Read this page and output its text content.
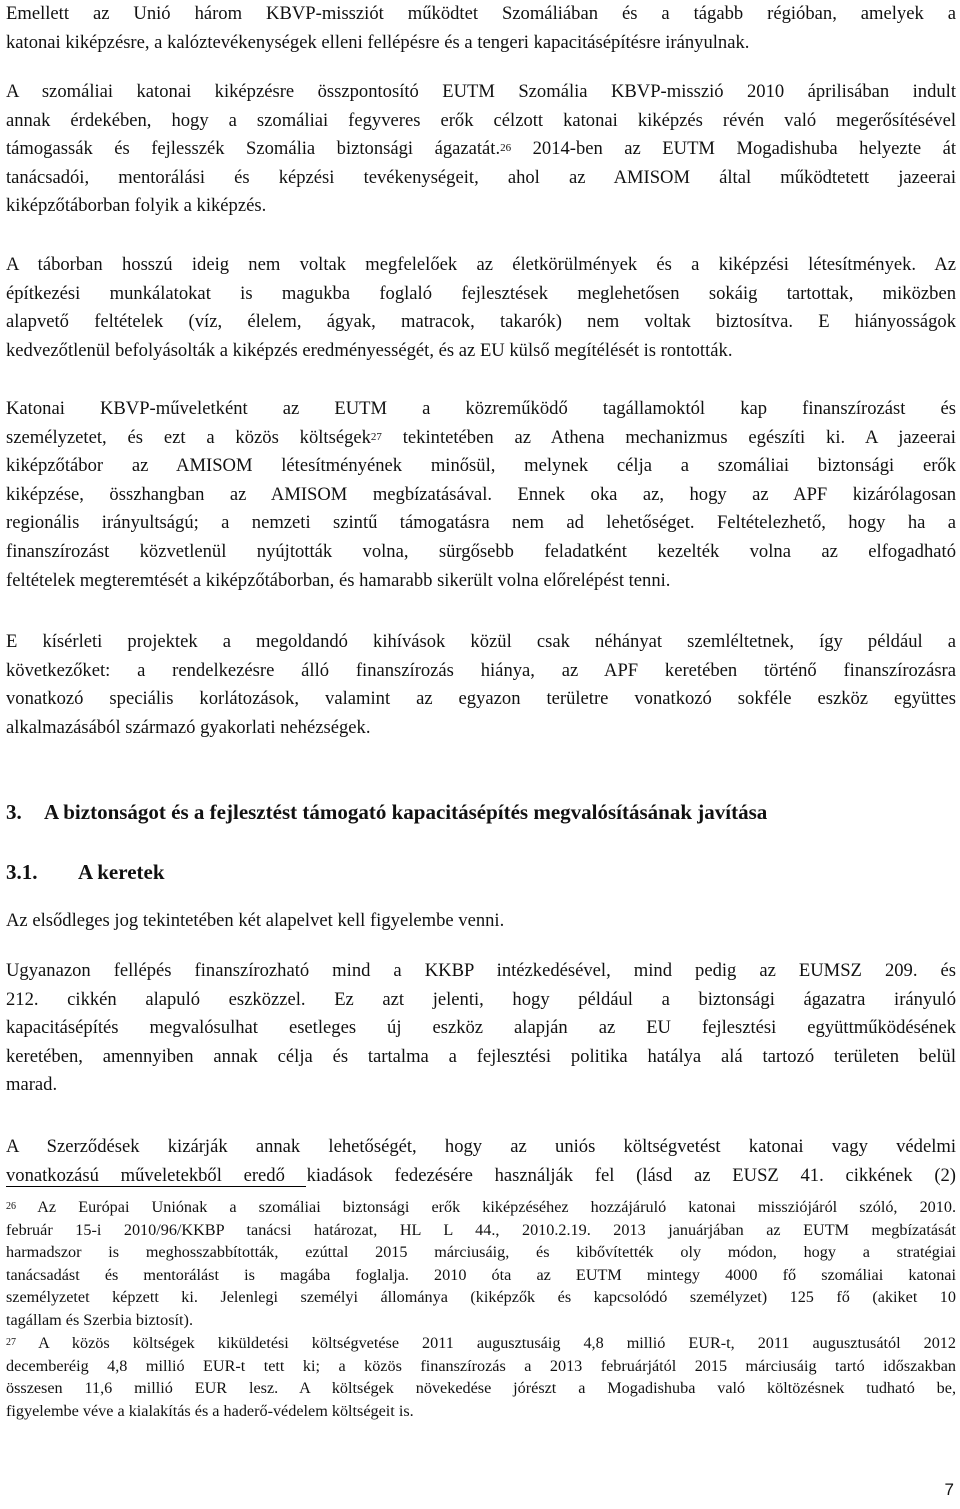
Emellett az Unió három KBVP-missziót működtet Szomáliában és a tágabb régióban, amelyek a
katonai kiképzésre, a kalóztevékenységek elleni fellépésre és a tengeri kapacitásépítésre irányulnak.
A szomáliai katonai kiképzésre összpontosító EUTM Szomália KBVP-misszió 2010 áprilisában indult
annak érdekében, hogy a szomáliai fegyveres erők célzott katonai kiképzés révén való megerősítésével
támogassák és fejlesszék Szomália biztonsági ágazatát.$^{26}$ 2014-ben az EUTM Mogadishuba helyezte át
tanácsadói, mentorálási és képzési tevékenységeit, ahol az AMISOM által működtetett jazeerai
kiképzőtáborban folyik a kiképzés.
A táborban hosszú ideig nem voltak megfelelőek az életkörülmények és a kiképzési létesítmények. Az
építkezési munkálatokat is magukba foglaló fejlesztések meglehetősen sokáig tartottak, miközben
alapvető feltételek (víz, élelem, ágyak, matracok, takarók) nem voltak biztosítva. E hiányosságok
kedvezőtlenül befolyásolták a kiképzés eredményességét, és az EU külső megítélését is rontották.
Katonai KBVP-műveletként az EUTM a közreműködő tagállamoktól kap finanszírozást és
személyzetet, és ezt a közös költségek$^{27}$ tekintetében az Athena mechanizmus egészíti ki. A jazeerai
kiképzőtábor az AMISOM létesítményének minősül, melynek célja a szomáliai biztonsági erők
kiképzése, összhangban az AMISOM megbízatásával. Ennek oka az, hogy az APF kizárólagosan
regionális irányultságú; a nemzeti szintű támogatásra nem ad lehetőséget. Feltételezhető, hogy ha a
finanszírozást közvetlenül nyújtották volna, sürgősebb feladatként kezelték volna az elfogadható
feltételek megteremtését a kiképzőtáborban, és hamarabb sikerült volna előrelépést tenni.
E kísérleti projektek a megoldandó kihívások közül csak néhányat szemléltetnek, így például a
következőket: a rendelkezésre álló finanszírozás hiánya, az APF keretében történő finanszírozásra
vonatkozó speciális korlátozások, valamint az egyazon területre vonatkozó sokféle eszköz együttes
alkalmazásából származó gyakorlati nehézségek.
3. A biztonságot és a fejlesztést támogató kapacitásépítés megvalósításának javítása
3.1. A keretek
Az elsődleges jog tekintetében két alapelvet kell figyelembe venni.
Ugyanazon fellépés finanszírozható mind a KKBP intézkedésével, mind pedig az EUMSZ 209. és
212. cikkén alapuló eszközzel. Ez azt jelenti, hogy például a biztonsági ágazatra irányuló
kapacitásépítés megvalósulhat esetleges új eszköz alapján az EU fejlesztési együttműködésének
keretében, amennyiben annak célja és tartalma a fejlesztési politika hatálya alá tartozó területen belül
marad.
A Szerződések kizárják annak lehetőségét, hogy az uniós költségvetést katonai vagy védelmi
vonatkozású műveletekből eredő kiadások fedezésére használják fel (lásd az EUSZ 41. cikkének (2)
$^{26}$ Az Európai Uniónak a szomáliai biztonsági erők kiképzéséhez hozzájáruló katonai missziójáról szóló, 2010.
február 15-i 2010/96/KKBP tanácsi határozat, HL L 44., 2010.2.19. 2013 januárjában az EUTM megbízatását
harmadszor is meghosszabbították, ezúttal 2015 márciusáig, és kibővítették oly módon, hogy a stratégiai
tanácsadást és mentorálást is magába foglalja. 2010 óta az EUTM mintegy 4000 fő szomáliai katonai
személyzetet képzett ki. Jelenlegi személyi állománya (kiképzők és kapcsolódó személyzet) 125 fő (akiket 10
tagállam és Szerbia biztosít).
$^{27}$ A közös költségek kiküldetési költségvetése 2011 augusztusáig 4,8 millió EUR-t, 2011 augusztusától 2012
decemberéig 4,8 millió EUR-t tett ki; a közös finanszírozás a 2013 februárjától 2015 márciusáig tartó időszakban
összesen 11,6 millió EUR lesz. A költségek növekedése jórészt a Mogadishuba való költözésnek tudható be,
figyelembe véve a kialakítás és a haderő-védelem költségeit is.
7
